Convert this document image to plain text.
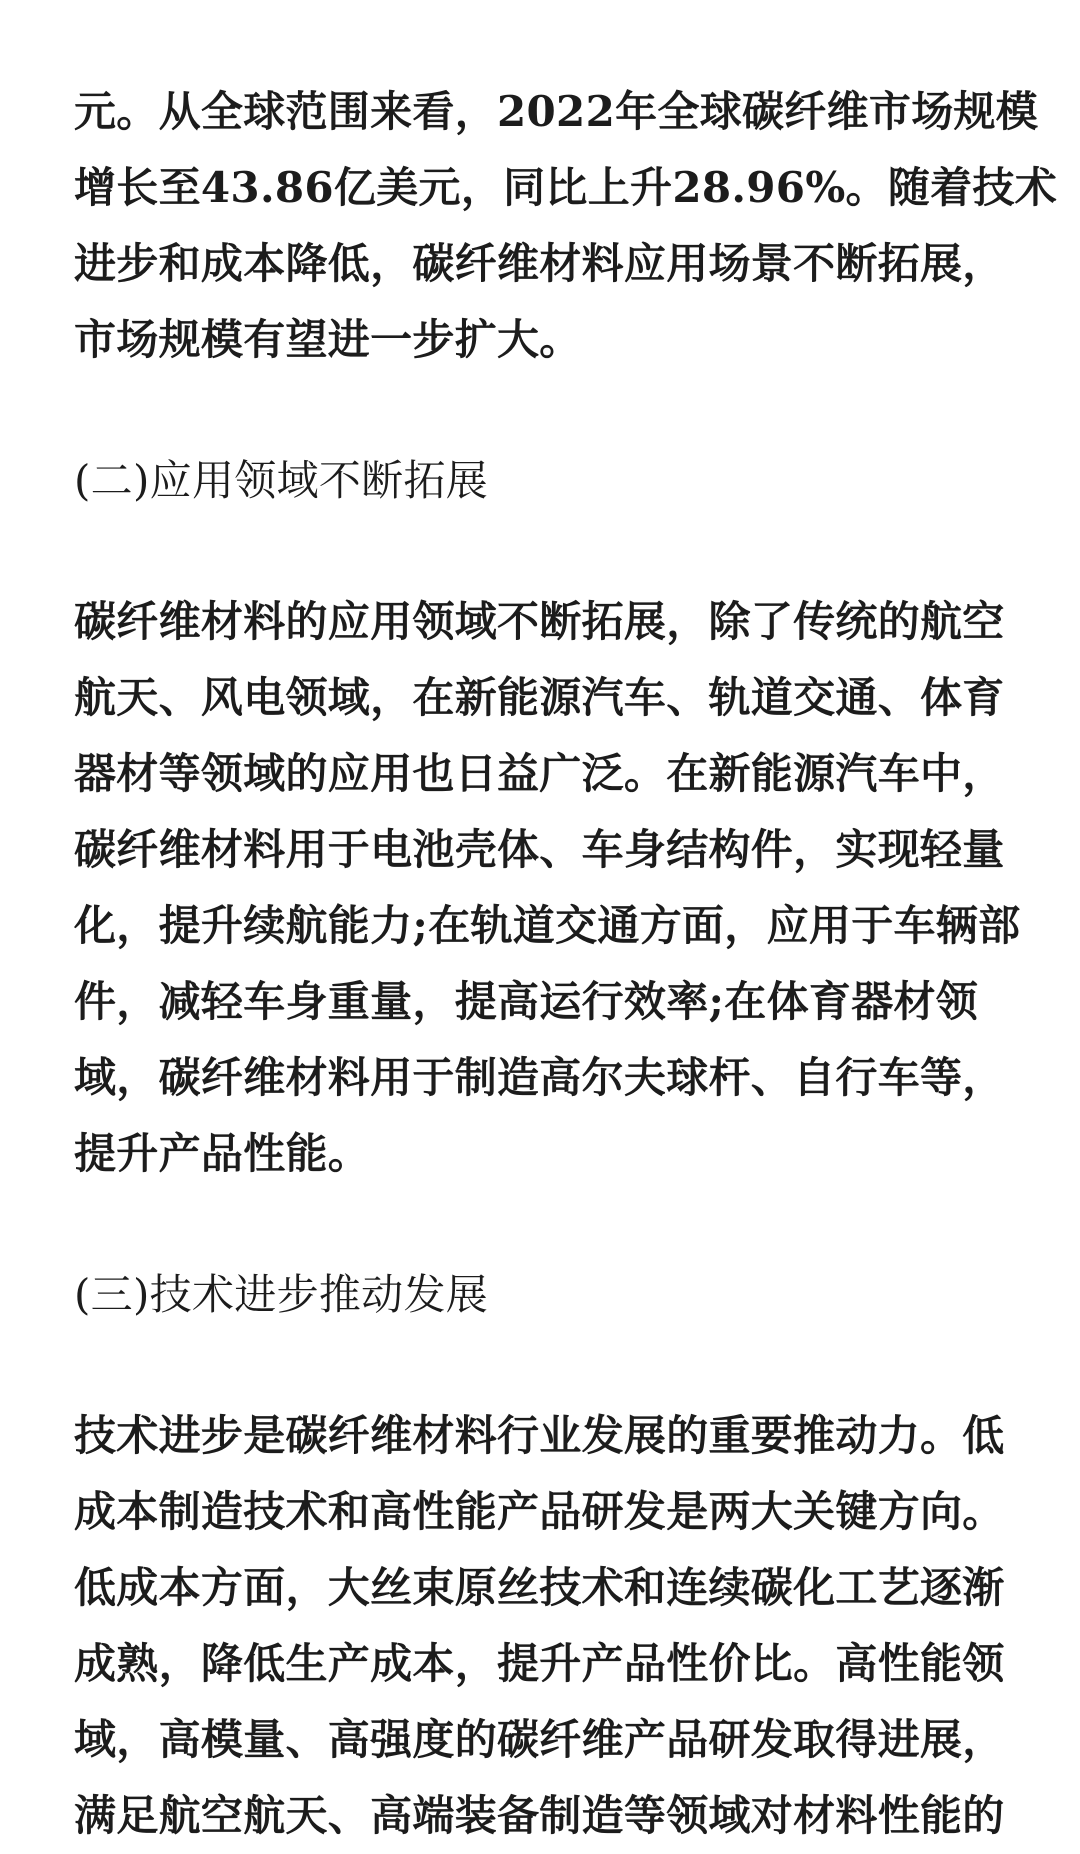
元。从全球范围来看，2022年全球碳纤维市场规模
增长至43.86亿美元，同比上升28.96%。随着技术
进步和成本降低，碳纤维材料应用场景不断拓展，
市场规模有望进一步扩大。
(二)应用领域不断拓展
碳纤维材料的应用领域不断拓展，除了传统的航空
航天、风电领域，在新能源汽车、轨道交通、体育
器材等领域的应用也日益广泛。在新能源汽车中，
碳纤维材料用于电池壳体、车身结构件，实现轻量
化，提升续航能力;在轨道交通方面，应用于车辆部
件，减轻车身重量，提高运行效率;在体育器材领
域，碳纤维材料用于制造高尔夫球杆、自行车等，
提升产品性能。
(三)技术进步推动发展
技术进步是碳纤维材料行业发展的重要推动力。低
成本制造技术和高性能产品研发是两大关键方向。
低成本方面，大丝束原丝技术和连续碳化工艺逐渐
成熟，降低生产成本，提升产品性价比。高性能领
域，高模量、高强度的碳纤维产品研发取得进展，
满足航空航天、高端装备制造等领域对材料性能的
